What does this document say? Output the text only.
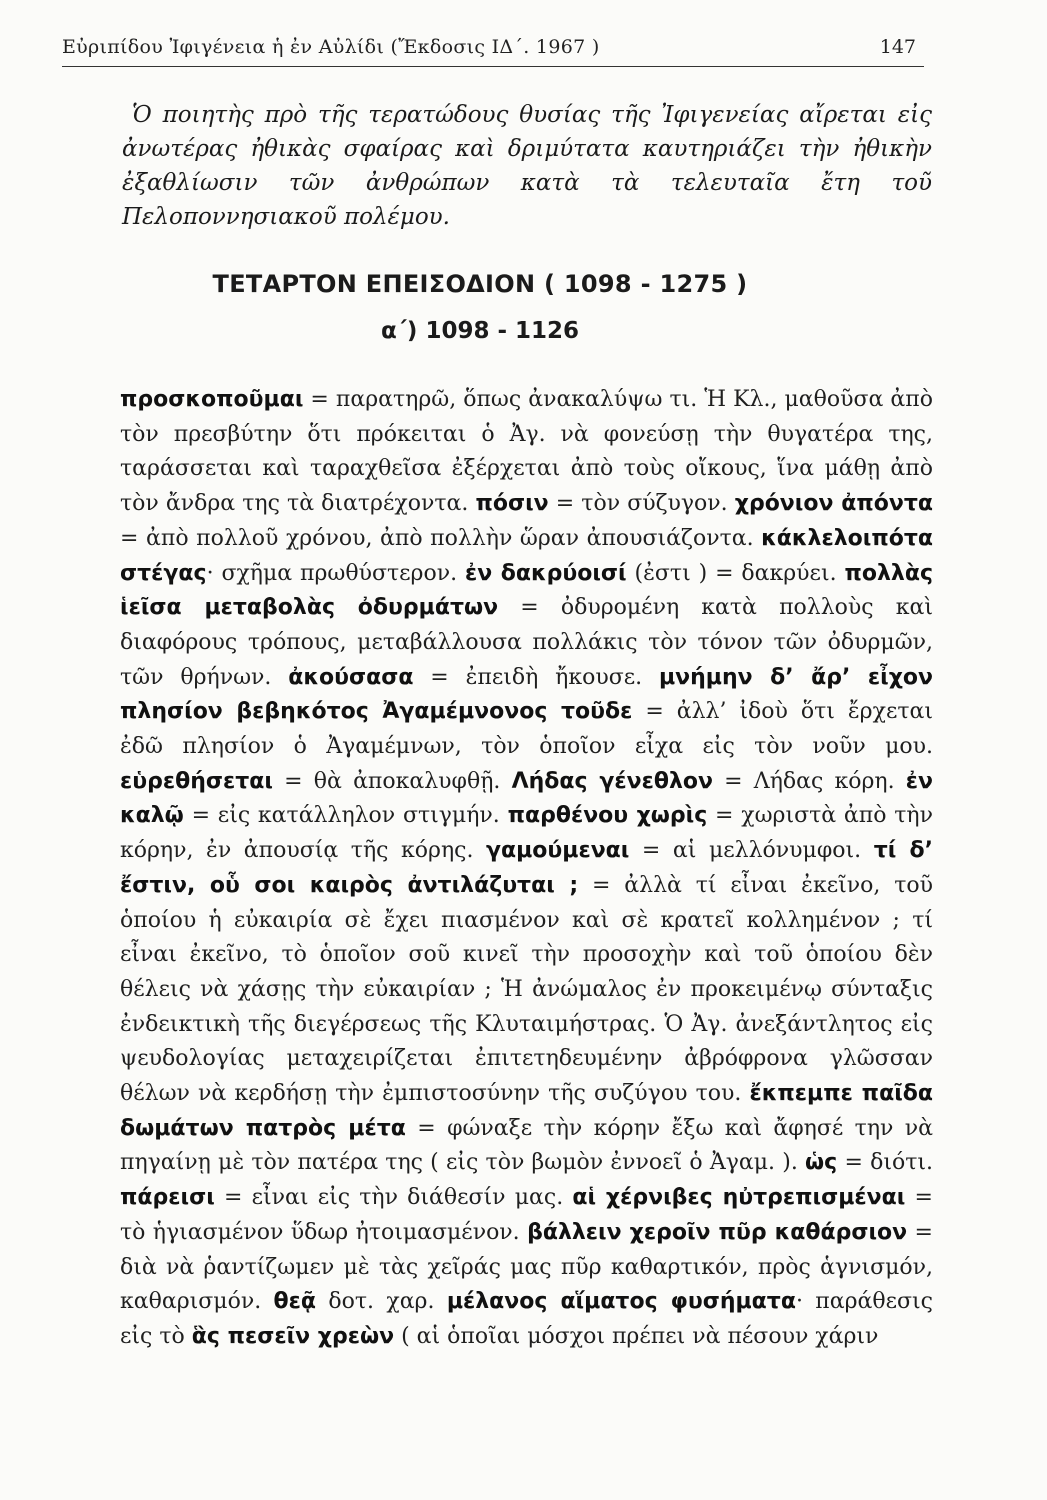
Εὐριπίδου Ἰφιγένεια ἡ ἐν Αὐλίδι (Ἔκδοσις ΙΔ΄. 1967 )	147

Ὁ ποιητὴς πρὸ τῆς τερατώδους θυσίας τῆς Ἰφιγενείας αἴρεται εἰς ἀνωτέρας ἠθικὰς σφαίρας καὶ δριμύτατα καυτηριάζει τὴν ἠθικὴν ἐξαθλίωσιν τῶν ἀνθρώπων κατὰ τὰ τελευταῖα ἔτη τοῦ Πελοποννησιακοῦ πολέμου.

ΤΕΤΑΡΤΟΝ ΕΠΕΙΣΟΔΙΟΝ ( 1098 - 1275 )
α΄) 1098 - 1126

προσκοποῦμαι = παρατηρῶ, ὅπως ἀνακαλύψω τι. Ἡ Κλ., μαθοῦσα ἀπὸ τὸν πρεσβύτην ὅτι πρόκειται ὁ Ἀγ. νὰ φονεύσῃ τὴν θυγατέρα της, ταράσσεται καὶ ταραχθεῖσα ἐξέρχεται ἀπὸ τοὺς οἴκους, ἵνα μάθῃ ἀπὸ τὸν ἄνδρα της τὰ διατρέχοντα. πόσιν = τὸν σύζυγον. χρόνιον ἀπόντα = ἀπὸ πολλοῦ χρόνου, ἀπὸ πολλὴν ὥραν ἀπουσιάζοντα. κάκλελοιπότα στέγας· σχῆμα πρωθύστερον. ἐν δακρύοισί (ἐστι ) = δακρύει. πολλὰς ἱεῖσα μεταβολὰς ὀδυρμάτων = ὀδυρομένη κατὰ πολλοὺς καὶ διαφόρους τρόπους, μεταβάλλουσα πολλάκις τὸν τόνον τῶν ὀδυρμῶν, τῶν θρήνων. ἀκούσασα = ἐπειδὴ ἤκουσε. μνήμην δ’ ἄρ’ εἶχον πλησίον βεβηκότος Ἀγαμέμνονος τοῦδε = ἀλλ’ ἰδοὺ ὅτι ἔρχεται ἐδῶ πλησίον ὁ Ἀγαμέμνων, τὸν ὁποῖον εἶχα εἰς τὸν νοῦν μου. εὑρεθήσεται = θὰ ἀποκαλυφθῇ. Λήδας γένεθλον = Λήδας κόρη. ἐν καλῷ = εἰς κατάλληλον στιγμήν. παρθένου χωρὶς = χωριστὰ ἀπὸ τὴν κόρην, ἐν ἀπουσίᾳ τῆς κόρης. γαμούμεναι = αἱ μελλόνυμφοι. τί δ’ ἔστιν, οὗ σοι καιρὸς ἀντιλάζυται ; = ἀλλὰ τί εἶναι ἐκεῖνο, τοῦ ὁποίου ἡ εὐκαιρία σὲ ἔχει πιασμένον καὶ σὲ κρατεῖ κολλημένον ; τί εἶναι ἐκεῖνο, τὸ ὁποῖον σοῦ κινεῖ τὴν προσοχὴν καὶ τοῦ ὁποίου δὲν θέλεις νὰ χάσῃς τὴν εὐκαιρίαν ; Ἡ ἀνώμαλος ἐν προκειμένῳ σύνταξις ἐνδεικτικὴ τῆς διεγέρσεως τῆς Κλυταιμήστρας. Ὁ Ἀγ. ἀνεξάντλητος εἰς ψευδολογίας μεταχειρίζεται ἐπιτετηδευμένην ἀβρόφρονα γλῶσσαν θέλων νὰ κερδήσῃ τὴν ἐμπιστοσύνην τῆς συζύγου του. ἔκπεμπε παῖδα δωμάτων πατρὸς μέτα = φώναξε τὴν κόρην ἔξω καὶ ἄφησέ την νὰ πηγαίνῃ μὲ τὸν πατέρα της ( εἰς τὸν βωμὸν ἐννοεῖ ὁ Ἀγαμ. ). ὡς = διότι. πάρεισι = εἶναι εἰς τὴν διάθεσίν μας. αἱ χέρνιβες ηὐτρεπισμέναι = τὸ ἡγιασμένον ὕδωρ ἠτοιμασμένον. βάλλειν χεροῖν πῦρ καθάρσιον = διὰ νὰ ῥαντίζωμεν μὲ τὰς χεῖράς μας πῦρ καθαρτικόν, πρὸς ἁγνισμόν, καθαρισμόν. θεᾷ δοτ. χαρ. μέλανος αἵματος φυσήματα· παράθεσις εἰς τὸ ἃς πεσεῖν χρεὼν ( αἱ ὁποῖαι μόσχοι πρέπει νὰ πέσουν χάριν
